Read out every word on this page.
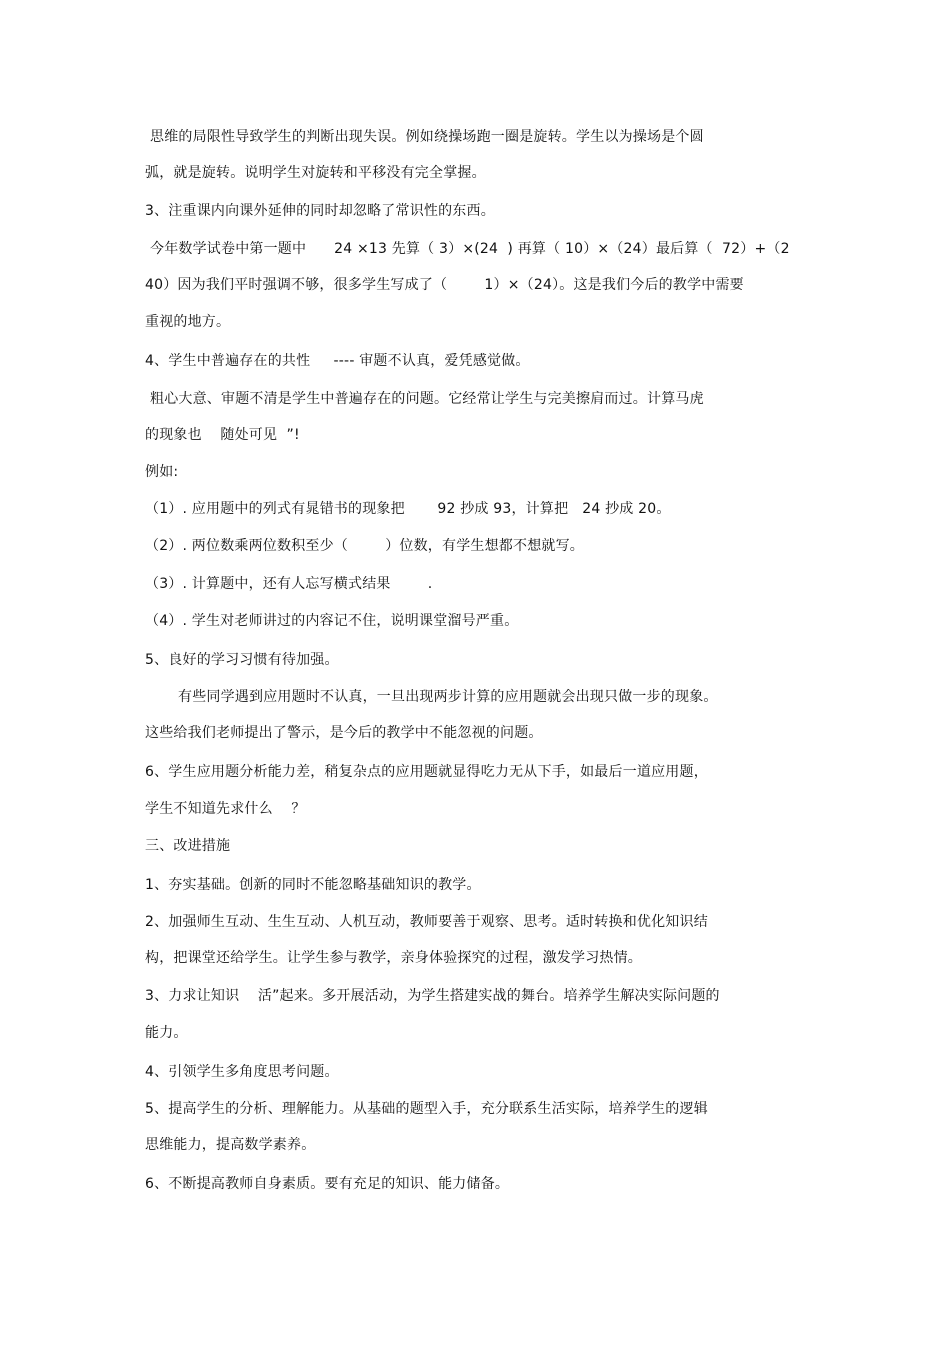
思维的局限性导致学生的判断出现失误。例如绕操场跑一圈是旋转。学生以为操场是个圆
弧，就是旋转。说明学生对旋转和平移没有完全掌握。
3、注重课内向课外延伸的同时却忽略了常识性的东西。
今年数学试卷中第一题中      24 ×13 先算（ 3）×(24  ) 再算（ 10）×（24）最后算（  72）+（2
40）因为我们平时强调不够，很多学生写成了（        1）×（24）。这是我们今后的教学中需要
重视的地方。
4、学生中普遍存在的共性     ---- 审题不认真，爱凭感觉做。
粗心大意、审题不清是学生中普遍存在的问题。它经常让学生与完美擦肩而过。计算马虎
的现象也    随处可见  ”!
例如:
（1）. 应用题中的列式有晁错书的现象把       92 抄成 93，计算把   24 抄成 20。
（2）. 两位数乘两位数积至少（        ）位数，有学生想都不想就写。
（3）. 计算题中，还有人忘写横式结果        .
（4）. 学生对老师讲过的内容记不住，说明课堂溜号严重。
5、良好的学习习惯有待加强。
有些同学遇到应用题时不认真，一旦出现两步计算的应用题就会出现只做一步的现象。
这些给我们老师提出了警示，是今后的教学中不能忽视的问题。
6、学生应用题分析能力差，稍复杂点的应用题就显得吃力无从下手，如最后一道应用题，
学生不知道先求什么    ？
三、改进措施
1、夯实基础。创新的同时不能忽略基础知识的教学。
2、加强师生互动、生生互动、人机互动，教师要善于观察、思考。适时转换和优化知识结
构，把课堂还给学生。让学生参与教学，亲身体验探究的过程，激发学习热情。
3、力求让知识    活”起来。多开展活动，为学生搭建实战的舞台。培养学生解决实际问题的
能力。
4、引领学生多角度思考问题。
5、提高学生的分析、理解能力。从基础的题型入手，充分联系生活实际，培养学生的逻辑
思维能力，提高数学素养。
6、不断提高教师自身素质。要有充足的知识、能力储备。
